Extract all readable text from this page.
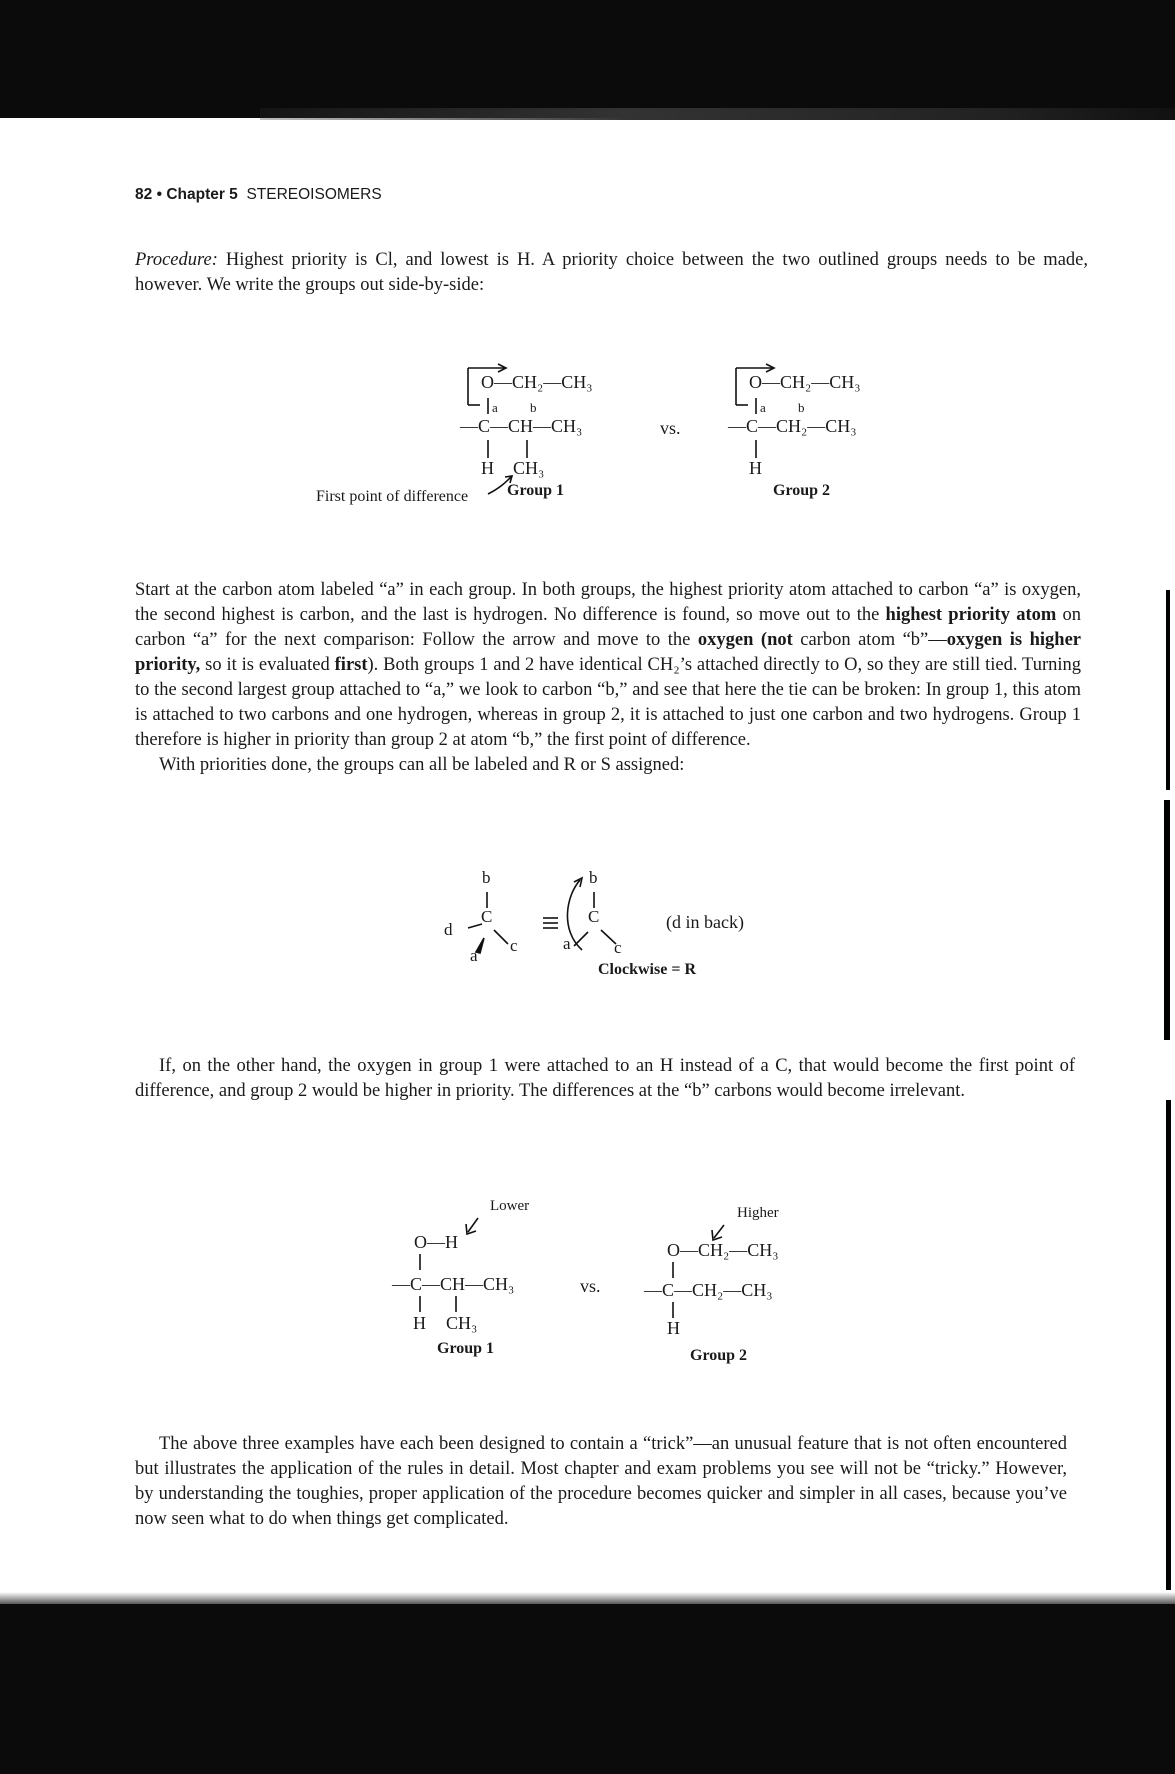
82 • Chapter 5 STEREOISOMERS

Procedure: Highest priority is Cl, and lowest is H. A priority choice between the two outlined groups needs to be made, however. We write the groups out side-by-side:

O—CH₂—CH₃
a b
—C—CH—CH₃
H CH₃
First point of difference Group 1
vs.
O—CH₂—CH₃
a b
—C—CH₂—CH₃
H
Group 2

Start at the carbon atom labeled “a” in each group. In both groups, the highest priority atom attached to carbon “a” is oxygen, the second highest is carbon, and the last is hydrogen. No difference is found, so move out to the highest priority atom on carbon “a” for the next comparison: Follow the arrow and move to the oxygen (not carbon atom “b”—oxygen is higher priority, so it is evaluated first). Both groups 1 and 2 have identical CH₂’s attached directly to O, so they are still tied. Turning to the second largest group attached to “a,” we look to carbon “b,” and see that here the tie can be broken: In group 1, this atom is attached to two carbons and one hydrogen, whereas in group 2, it is attached to just one carbon and two hydrogens. Group 1 therefore is higher in priority than group 2 at atom “b,” the first point of difference.

With priorities done, the groups can all be labeled and R or S assigned:

b
d
C
a
c
b
C
a	c
(d in back)
Clockwise = R

If, on the other hand, the oxygen in group 1 were attached to an H instead of a C, that would become the first point of difference, and group 2 would be higher in priority. The differences at the “b” carbons would become irrelevant.

Lower
O—H
—C—CH—CH₃
H CH₃
Group 1
vs.
Higher
O—CH₂—CH₃
—C—CH₂—CH₃
H
Group 2

The above three examples have each been designed to contain a “trick”—an unusual feature that is not often encountered but illustrates the application of the rules in detail. Most chapter and exam problems you see will not be “tricky.” However, by understanding the toughies, proper application of the procedure becomes quicker and simpler in all cases, because you’ve now seen what to do when things get complicated.
